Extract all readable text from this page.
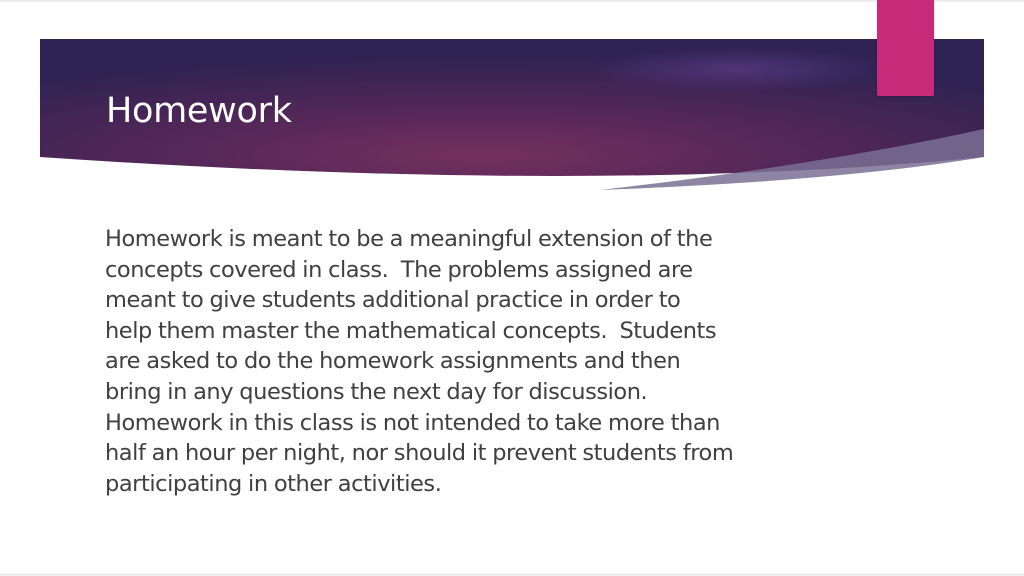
Homework

Homework is meant to be a meaningful extension of the
concepts covered in class.  The problems assigned are
meant to give students additional practice in order to
help them master the mathematical concepts.  Students
are asked to do the homework assignments and then
bring in any questions the next day for discussion.
Homework in this class is not intended to take more than
half an hour per night, nor should it prevent students from
participating in other activities.
